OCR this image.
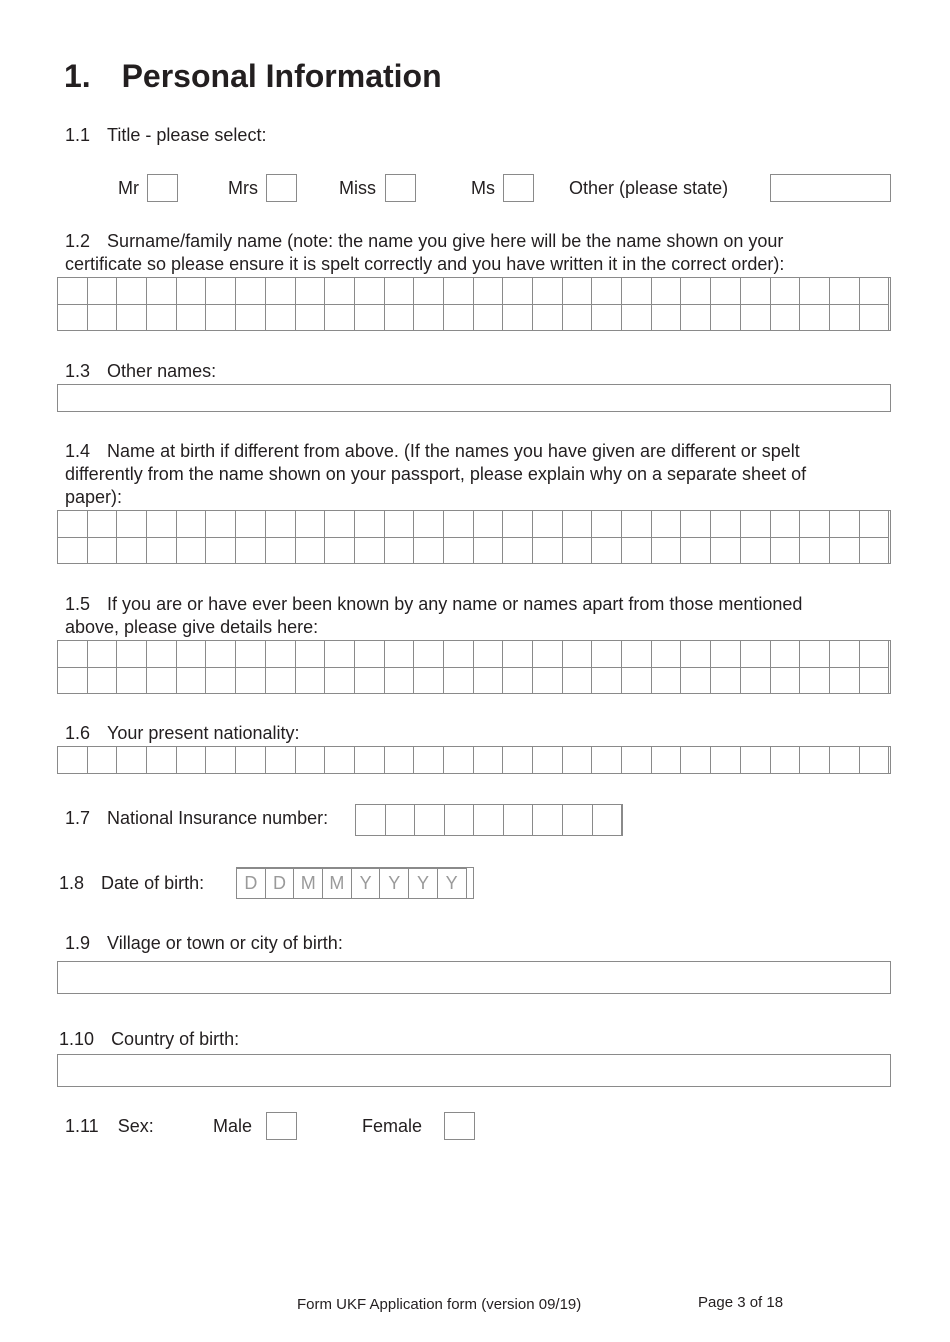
1. Personal Information
1.1 Title - please select:
Mr	Mrs	Miss	Ms	Other (please state)
1.2 Surname/family name (note: the name you give here will be the name shown on your
certificate so please ensure it is spelt correctly and you have written it in the correct order):
1.3 Other names:
1.4 Name at birth if different from above. (If the names you have given are different or spelt
differently from the name shown on your passport, please explain why on a separate sheet of
paper):
1.5 If you are or have ever been known by any name or names apart from those mentioned
above, please give details here:
1.6 Your present nationality:
1.7 National Insurance number:
1.8 Date of birth:	D D M M Y Y Y Y
1.9 Village or town or city of birth:
1.10 Country of birth:
1.11 Sex:	Male	Female
Form UKF Application form (version 09/19)	Page 3 of 18
